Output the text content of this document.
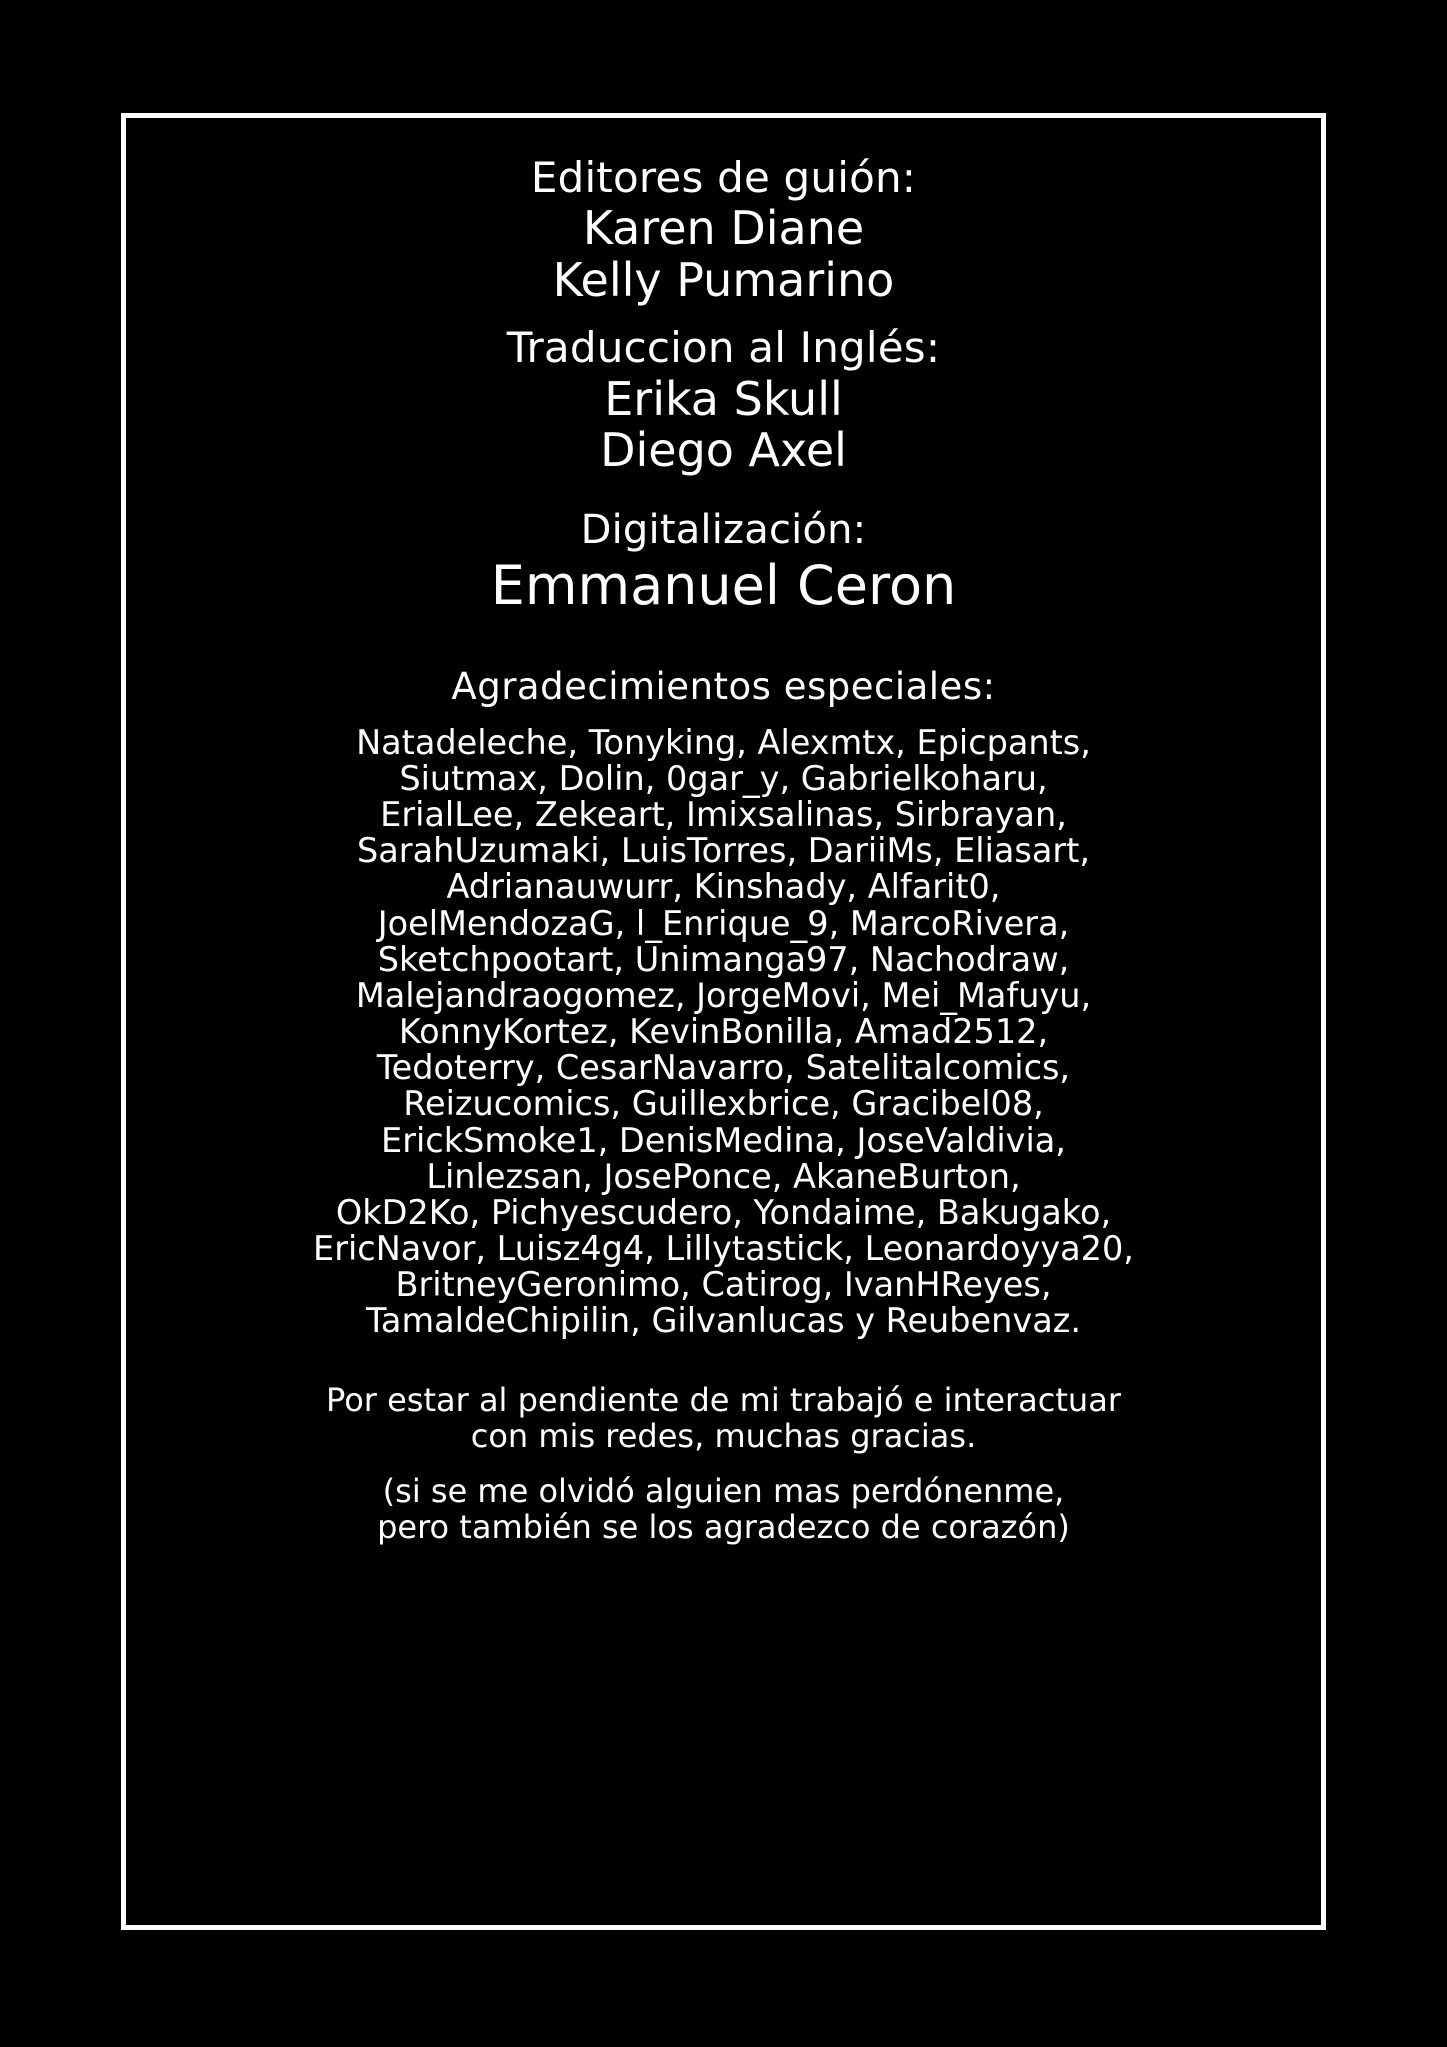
Editores de guión:
Karen Diane
Kelly Pumarino
Traduccion al Inglés:
Erika Skull
Diego Axel
Digitalización:
Emmanuel Ceron
Agradecimientos especiales:
Natadeleche, Tonyking, Alexmtx, Epicpants,
Siutmax, Dolin, 0gar_y, Gabrielkoharu,
ErialLee, Zekeart, Imixsalinas, Sirbrayan,
SarahUzumaki, LuisTorres, DariiMs, Eliasart,
Adrianauwurr, Kinshady, Alfarit0,
JoelMendozaG, l_Enrique_9, MarcoRivera,
Sketchpootart, Unimanga97, Nachodraw,
Malejandraogomez, JorgeMovi, Mei_Mafuyu,
KonnyKortez, KevinBonilla, Amad2512,
Tedoterry, CesarNavarro, Satelitalcomics,
Reizucomics, Guillexbrice, Gracibel08,
ErickSmoke1, DenisMedina, JoseValdivia,
Linlezsan, JosePonce, AkaneBurton,
OkD2Ko, Pichyescudero, Yondaime, Bakugako,
EricNavor, Luisz4g4, Lillytastick, Leonardoyya20,
BritneyGeronimo, Catirog, IvanHReyes,
TamaldeChipilin, Gilvanlucas y Reubenvaz.
Por estar al pendiente de mi trabajó e interactuar
con mis redes, muchas gracias.
(si se me olvidó alguien mas perdónenme,
pero también se los agradezco de corazón)
